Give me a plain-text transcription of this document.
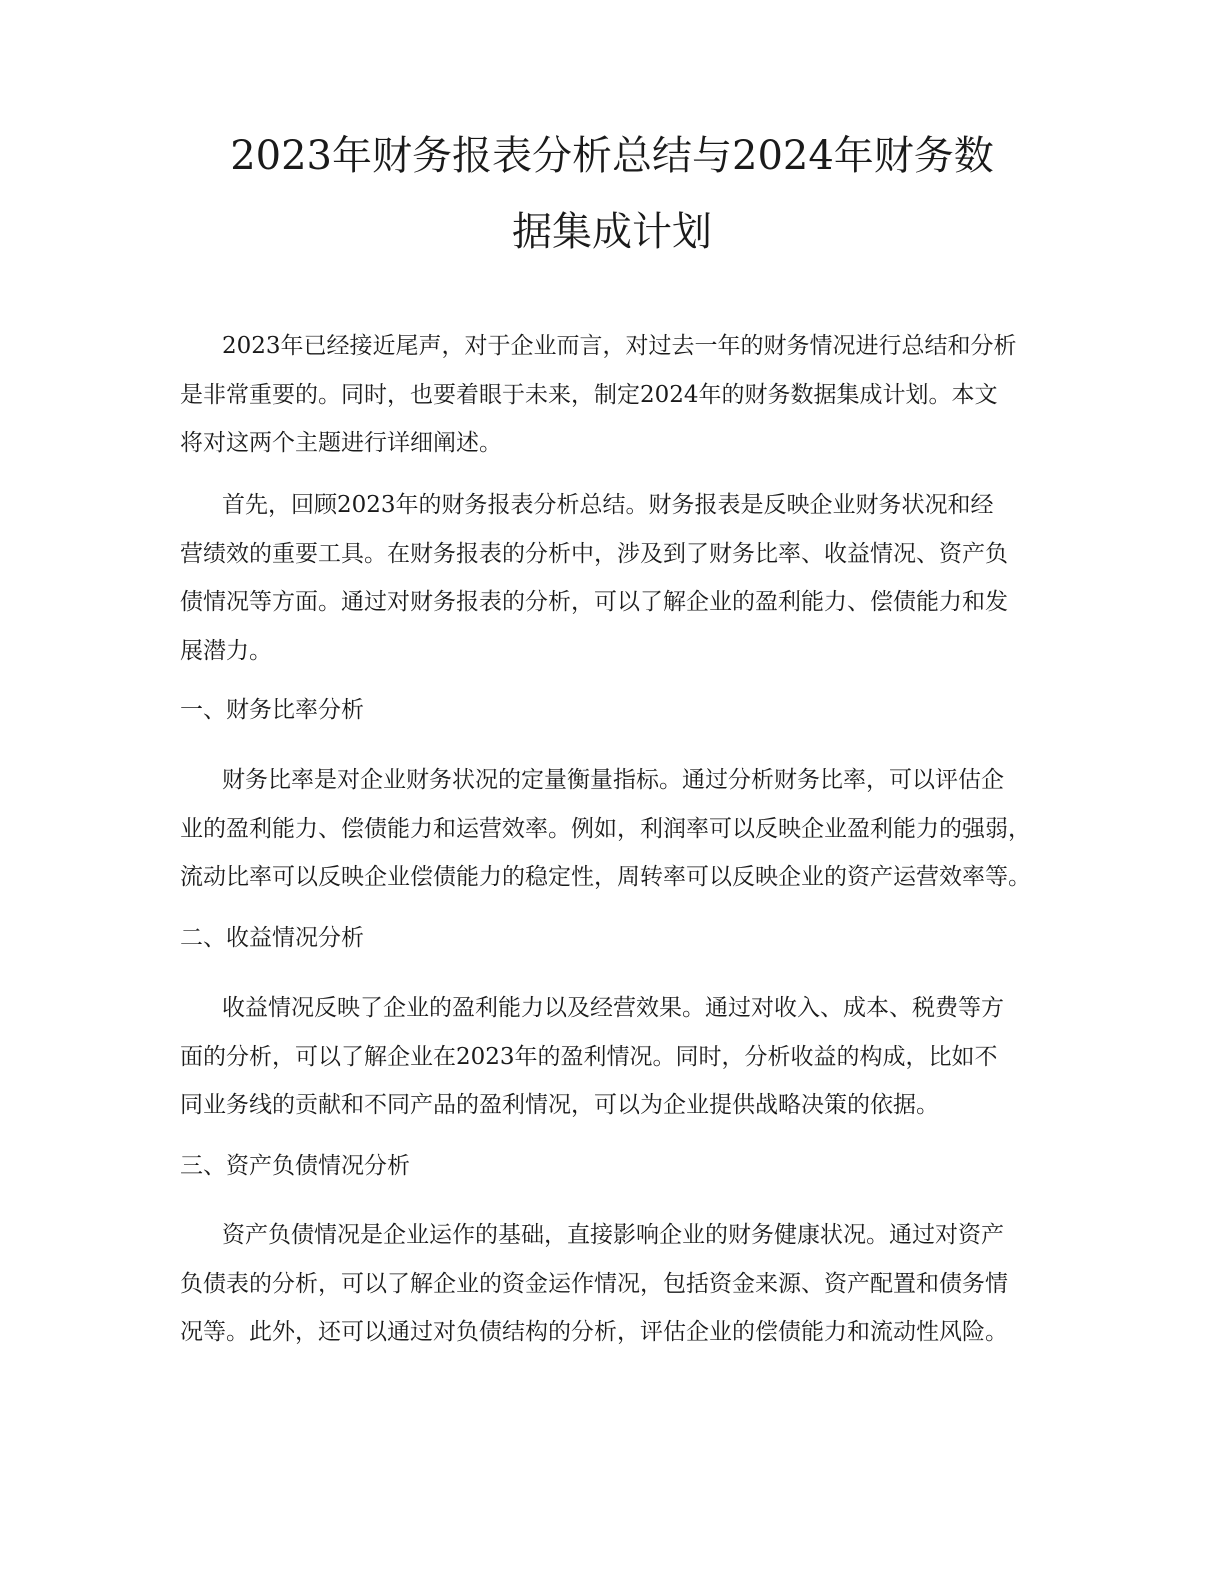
2023年财务报表分析总结与2024年财务数
据集成计划

2023年已经接近尾声，对于企业而言，对过去一年的财务情况进行总结和分析
是非常重要的。同时，也要着眼于未来，制定2024年的财务数据集成计划。本文
将对这两个主题进行详细阐述。

首先，回顾2023年的财务报表分析总结。财务报表是反映企业财务状况和经
营绩效的重要工具。在财务报表的分析中，涉及到了财务比率、收益情况、资产负
债情况等方面。通过对财务报表的分析，可以了解企业的盈利能力、偿债能力和发
展潜力。

一、财务比率分析

财务比率是对企业财务状况的定量衡量指标。通过分析财务比率，可以评估企
业的盈利能力、偿债能力和运营效率。例如，利润率可以反映企业盈利能力的强弱，
流动比率可以反映企业偿债能力的稳定性，周转率可以反映企业的资产运营效率等。

二、收益情况分析

收益情况反映了企业的盈利能力以及经营效果。通过对收入、成本、税费等方
面的分析，可以了解企业在2023年的盈利情况。同时，分析收益的构成，比如不
同业务线的贡献和不同产品的盈利情况，可以为企业提供战略决策的依据。

三、资产负债情况分析

资产负债情况是企业运作的基础，直接影响企业的财务健康状况。通过对资产
负债表的分析，可以了解企业的资金运作情况，包括资金来源、资产配置和债务情
况等。此外，还可以通过对负债结构的分析，评估企业的偿债能力和流动性风险。
